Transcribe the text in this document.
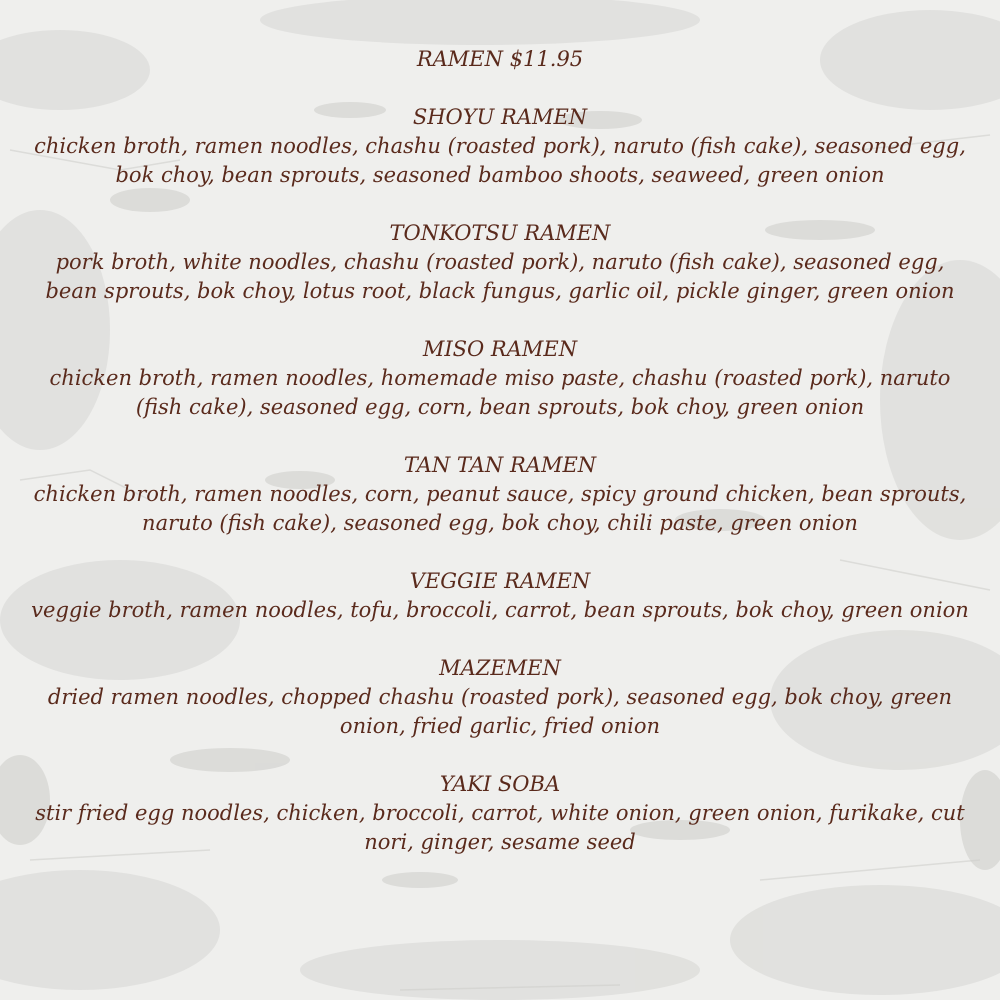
RAMEN $11.95
SHOYU RAMEN
chicken broth, ramen noodles, chashu (roasted pork), naruto (fish cake), seasoned egg, bok choy, bean sprouts, seasoned bamboo shoots, seaweed, green onion
TONKOTSU RAMEN
pork broth, white noodles, chashu (roasted pork), naruto (fish cake), seasoned egg, bean sprouts, bok choy, lotus root, black fungus, garlic oil, pickle ginger, green onion
MISO RAMEN
chicken broth, ramen noodles, homemade miso paste, chashu (roasted pork), naruto (fish cake), seasoned egg, corn, bean sprouts, bok choy, green onion
TAN TAN RAMEN
chicken broth, ramen noodles, corn, peanut sauce, spicy ground chicken, bean sprouts, naruto (fish cake), seasoned egg, bok choy, chili paste, green onion
VEGGIE RAMEN
veggie broth, ramen noodles, tofu, broccoli, carrot, bean sprouts, bok choy, green onion
MAZEMEN
dried ramen noodles, chopped chashu (roasted pork), seasoned egg, bok choy, green onion, fried garlic, fried onion
YAKI SOBA
stir fried egg noodles, chicken, broccoli, carrot, white onion, green onion, furikake, cut nori, ginger, sesame seed
